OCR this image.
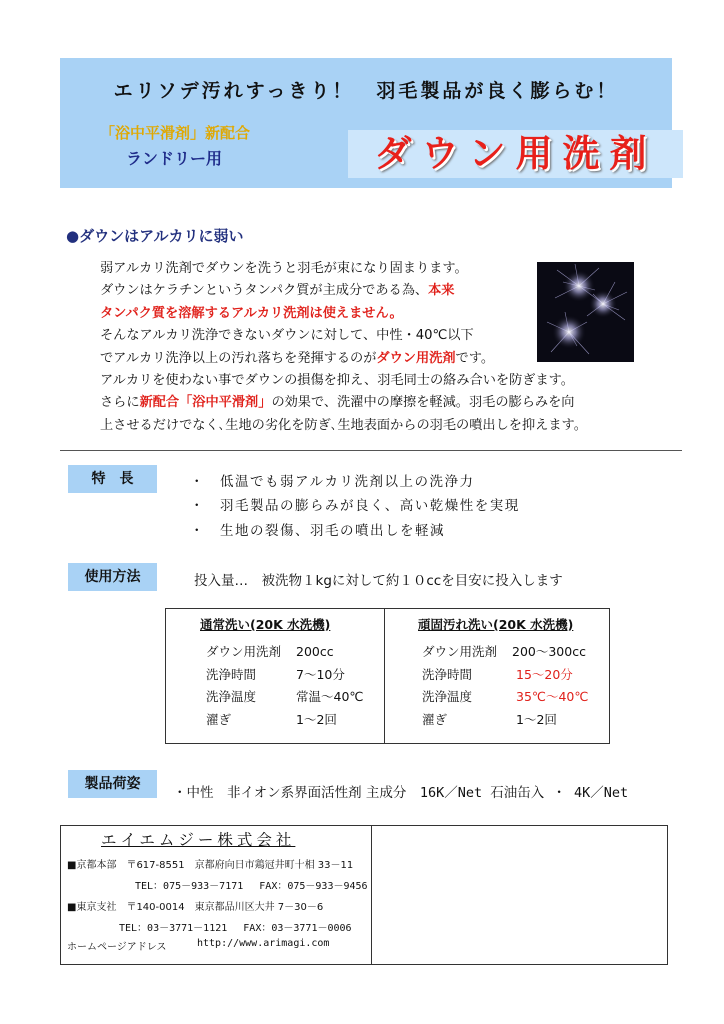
エリソデ汚れすっきり！　羽毛製品が良く膨らむ！
「浴中平滑剤」新配合
ランドリー用	ダウン用洗剤
●ダウンはアルカリに弱い
弱アルカリ洗剤でダウンを洗うと羽毛が束になり固まります。
ダウンはケラチンというタンパク質が主成分である為、本来
タンパク質を溶解するアルカリ洗剤は使えません。
そんなアルカリ洗浄できないダウンに対して、中性・40℃以下
でアルカリ洗浄以上の汚れ落ちを発揮するのがダウン用洗剤です。
アルカリを使わない事でダウンの損傷を抑え、羽毛同士の絡み合いを防ぎます。
さらに新配合「浴中平滑剤」の効果で、洗濯中の摩擦を軽減。羽毛の膨らみを向
上させるだけでなく､生地の劣化を防ぎ､生地表面からの羽毛の噴出しを抑えます。
特　長	・　低温でも弱アルカリ洗剤以上の洗浄力
・　羽毛製品の膨らみが良く、高い乾燥性を実現
・　生地の裂傷、羽毛の噴出しを軽減
使用方法	投入量…　被洗物１kgに対して約１０ccを目安に投入します
通常洗い(20K 水洗機)
ダウン用洗剤 200cc
洗浄時間	7～10分
洗浄温度	常温～40℃
濯ぎ	1～2回
頑固汚れ洗い(20K 水洗機)
ダウン用洗剤 200～300cc
洗浄時間	15～20分
洗浄温度	35℃～40℃
濯ぎ	1～2回
製品荷姿
・中性　非イオン系界面活性剤 主成分　16K／Net 石油缶入 ・ 4K／Net
エイエムジー株式会社
■京都本部　〒617-8551　京都府向日市鶏冠井町十相 33－11
TEL：075－933－7171　 FAX：075－933－9456
■東京支社　〒140-0014　東京都品川区大井 7－30－6
TEL：03－3771－1121　 FAX：03－3771－0006
ホームページアドレス	http://www.arimagi.com
